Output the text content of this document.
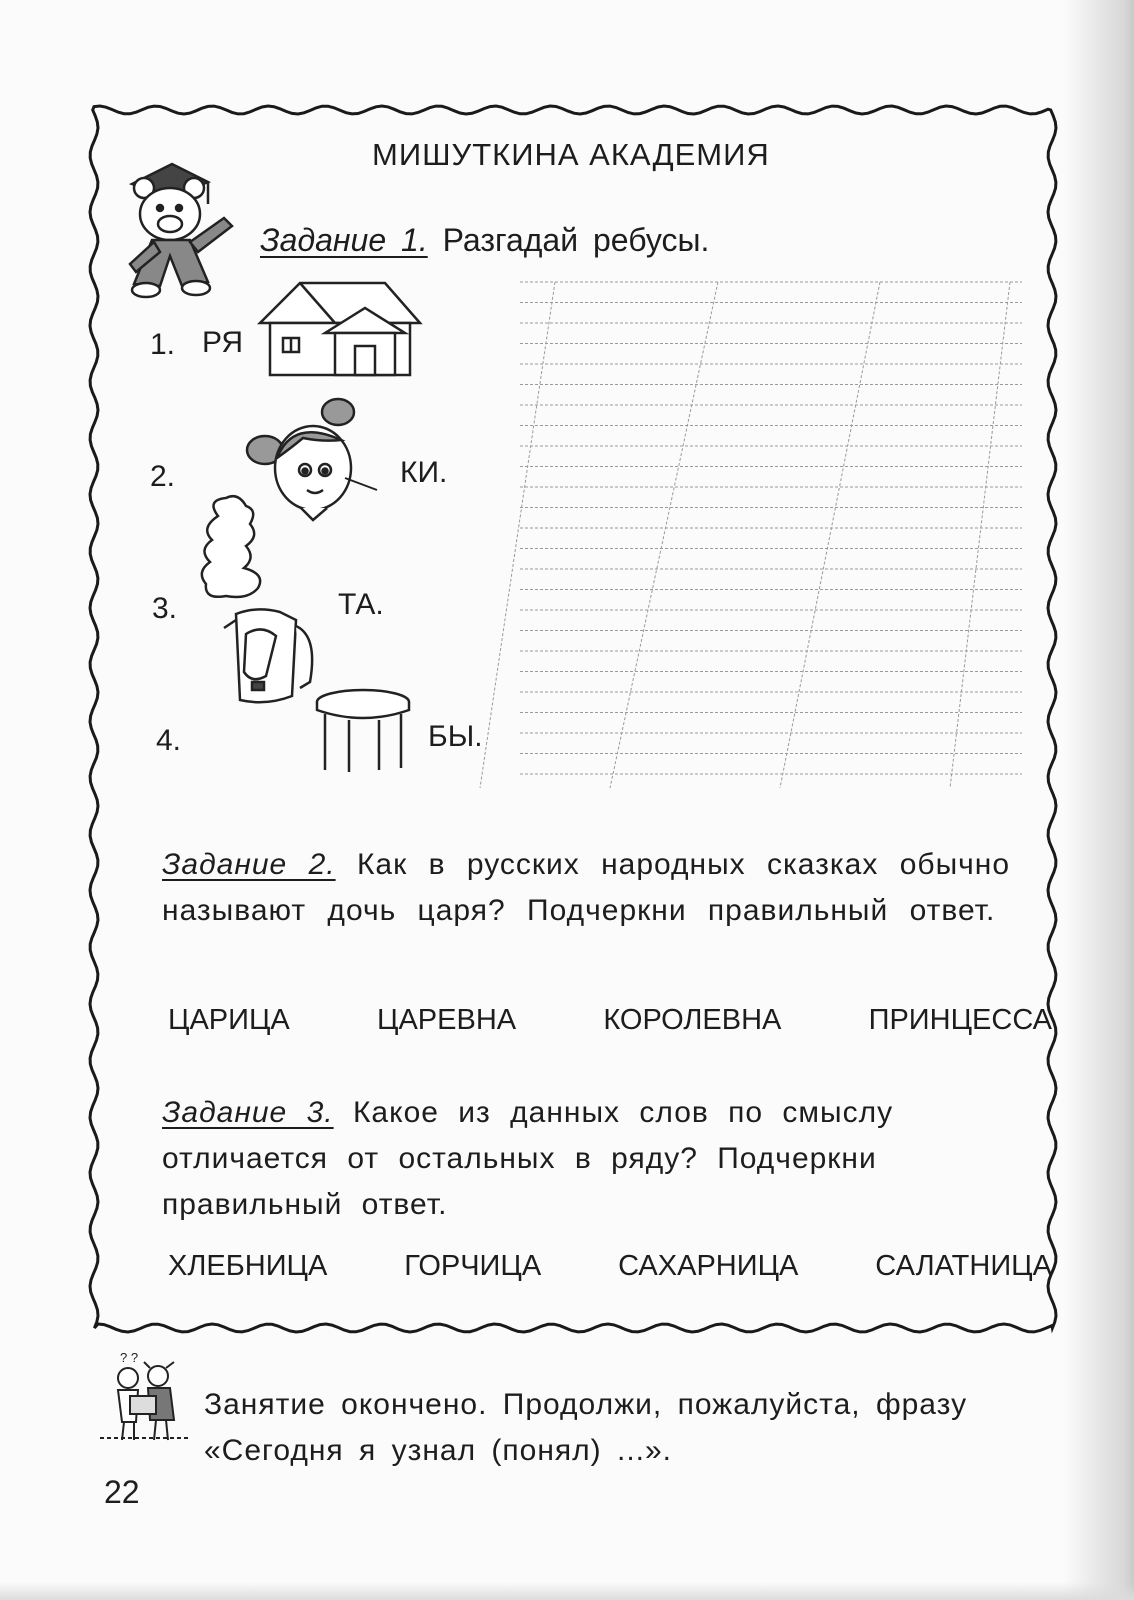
МИШУТКИНА АКАДЕМИЯ
Задание 1. Разгадай ребусы.
1. РЯ
2.	КИ.
3.	ТА.
4.	БЫ.
Задание 2. Как в русских народных сказках обычно называют дочь царя? Подчеркни правильный ответ.
ЦАРИЦА	ЦАРЕВНА	КОРОЛЕВНА	ПРИНЦЕССА
Задание 3. Какое из данных слов по смыслу отличается от остальных в ряду? Подчеркни правильный ответ.
ХЛЕБНИЦА	ГОРЧИЦА	САХАРНИЦА	САЛАТНИЦА
? ?
Занятие окончено. Продолжи, пожалуйста, фразу
«Сегодня я узнал (понял) ...».
22
